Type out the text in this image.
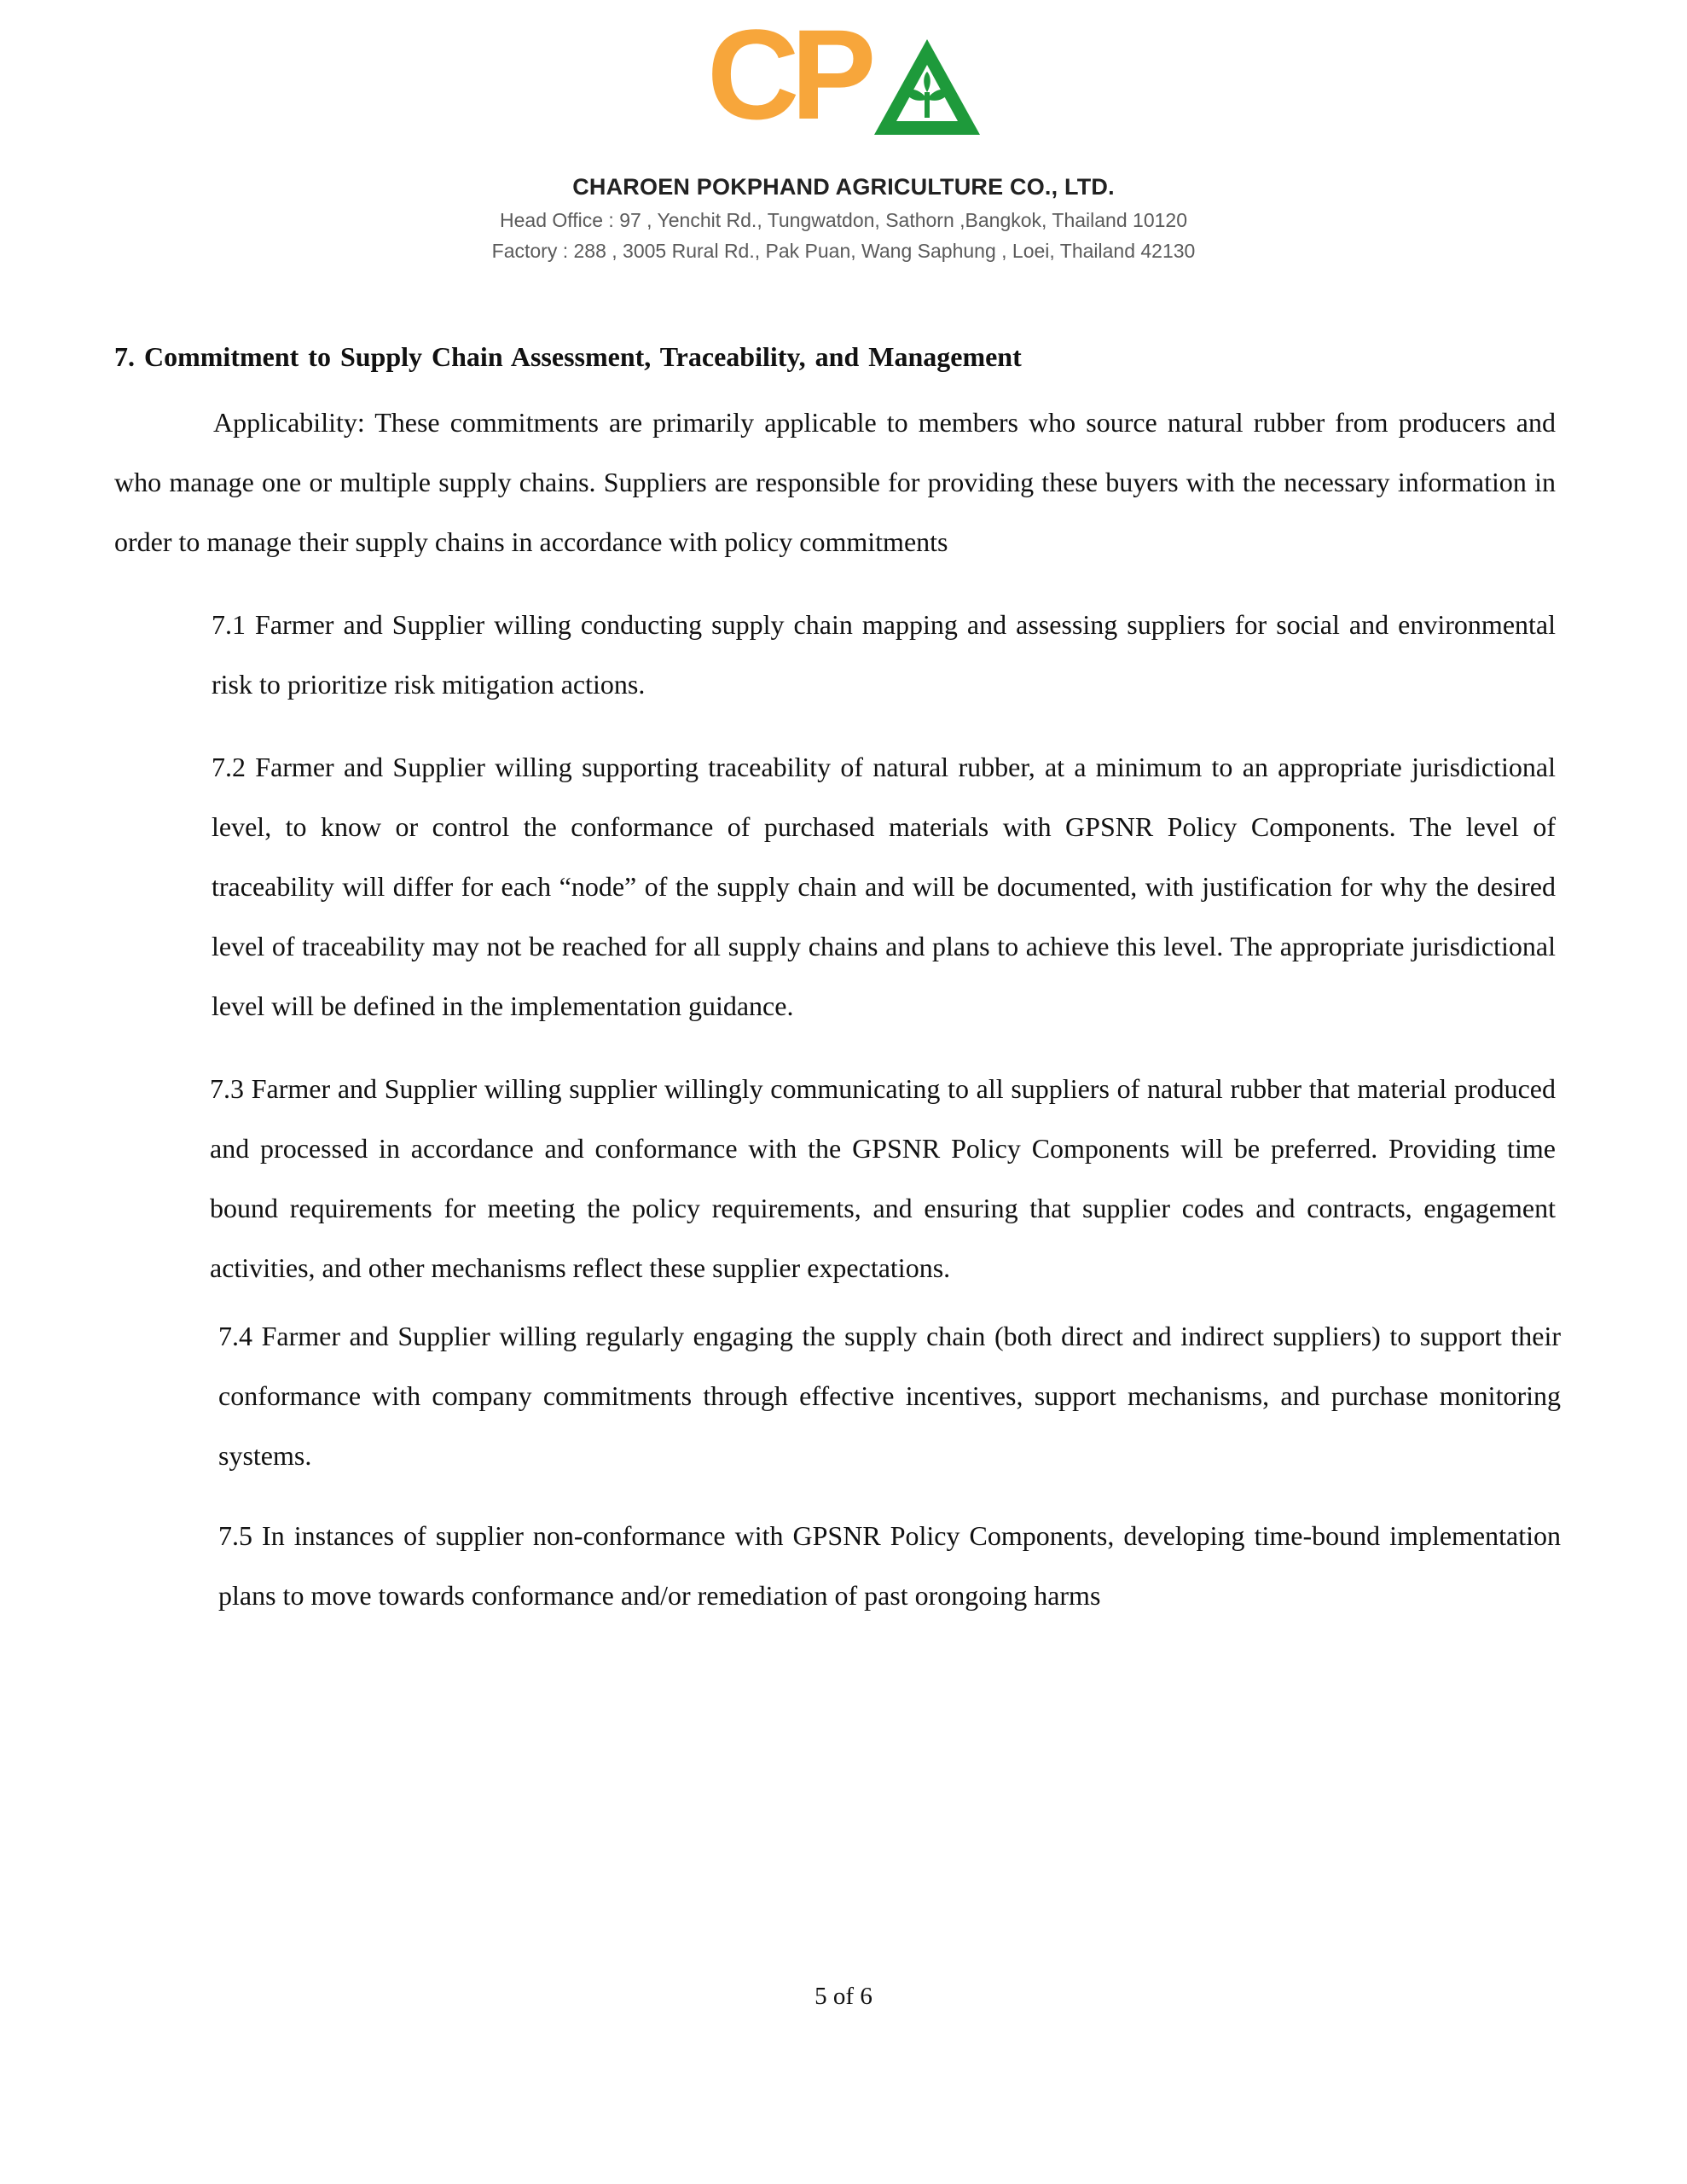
CP
CHAROEN POKPHAND AGRICULTURE CO., LTD.
Head Office : 97 , Yenchit Rd., Tungwatdon, Sathorn ,Bangkok, Thailand 10120
Factory : 288 , 3005 Rural Rd., Pak Puan, Wang Saphung , Loei, Thailand 42130
7. Commitment to Supply Chain Assessment, Traceability, and Management

Applicability: These commitments are primarily applicable to members who source natural rubber from producers and who manage one or multiple supply chains. Suppliers are responsible for providing these buyers with the necessary information in order to manage their supply chains in accordance with policy commitments

7.1 Farmer and Supplier willing conducting supply chain mapping and assessing suppliers for social and environmental risk to prioritize risk mitigation actions.

7.2 Farmer and Supplier willing supporting traceability of natural rubber, at a minimum to an appropriate jurisdictional level, to know or control the conformance of purchased materials with GPSNR Policy Components. The level of traceability will differ for each “node” of the supply chain and will be documented, with justification for why the desired level of traceability may not be reached for all supply chains and plans to achieve this level. The appropriate jurisdictional level will be defined in the implementation guidance.

7.3 Farmer and Supplier willing supplier willingly communicating to all suppliers of natural rubber that material produced and processed in accordance and conformance with the GPSNR Policy Components will be preferred. Providing time bound requirements for meeting the policy requirements, and ensuring that supplier codes and contracts, engagement activities, and other mechanisms reflect these supplier expectations.

7.4 Farmer and Supplier willing regularly engaging the supply chain (both direct and indirect suppliers) to support their conformance with company commitments through effective incentives, support mechanisms, and purchase monitoring systems.

7.5 In instances of supplier non-conformance with GPSNR Policy Components, developing time-bound implementation plans to move towards conformance and/or remediation of past orongoing harms

5 of 6
